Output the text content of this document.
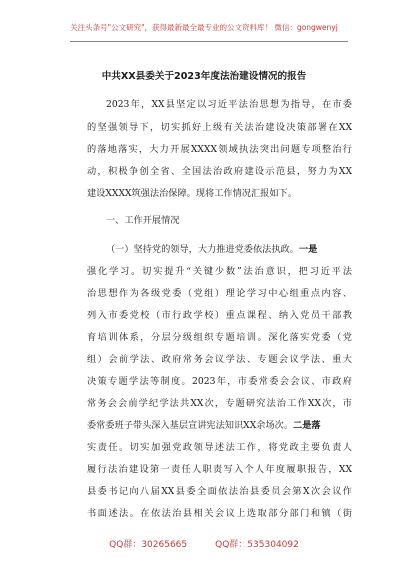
关注头条号"公文研究"，获得最新最全最专业的公文资料库！ 微信：gongwenyj
中共XX县委关于2023年度法治建设情况的报告
2023年，XX县坚定以习近平法治思想为指导，在市委
的坚强领导下，切实抓好上级有关法治建设决策部署在XX
的落地落实，大力开展XXXX领域执法突出问题专项整治行
动，积极争创全省、全国法治政府建设示范县，努力为XX
建设XXXX筑强法治保障。现将工作情况汇报如下。
一、工作开展情况
（一）坚持党的领导，大力推进党委依法执政。一是
强化学习。切实提升“关键少数”法治意识，把习近平法
治思想作为各级党委（党组）理论学习中心组重点内容、
列入市委党校（市行政学校）重点课程、纳入党员干部教
育培训体系，分层分级组织专题培训。深化落实党委（党
组）会前学法、政府常务会议学法、专题会议学法、重大
决策专题学法等制度。2023年，市委常委会会议、市政府
常务会会前学纪学法共XX次，专题研究法治工作XX次，市
委常委班子带头深入基层宣讲宪法知识XX余场次。二是落
实责任。切实加强党政领导述法工作，将党政主要负责人
履行法治建设第一责任人职责写入个人年度履职报告，XX
县委书记向八届XX县委全面依法治县委员会第X次会议作
书面述法。在依法治县相关会议上选取部分部门和镇（街
QQ群：30265665	QQ群：535304092
